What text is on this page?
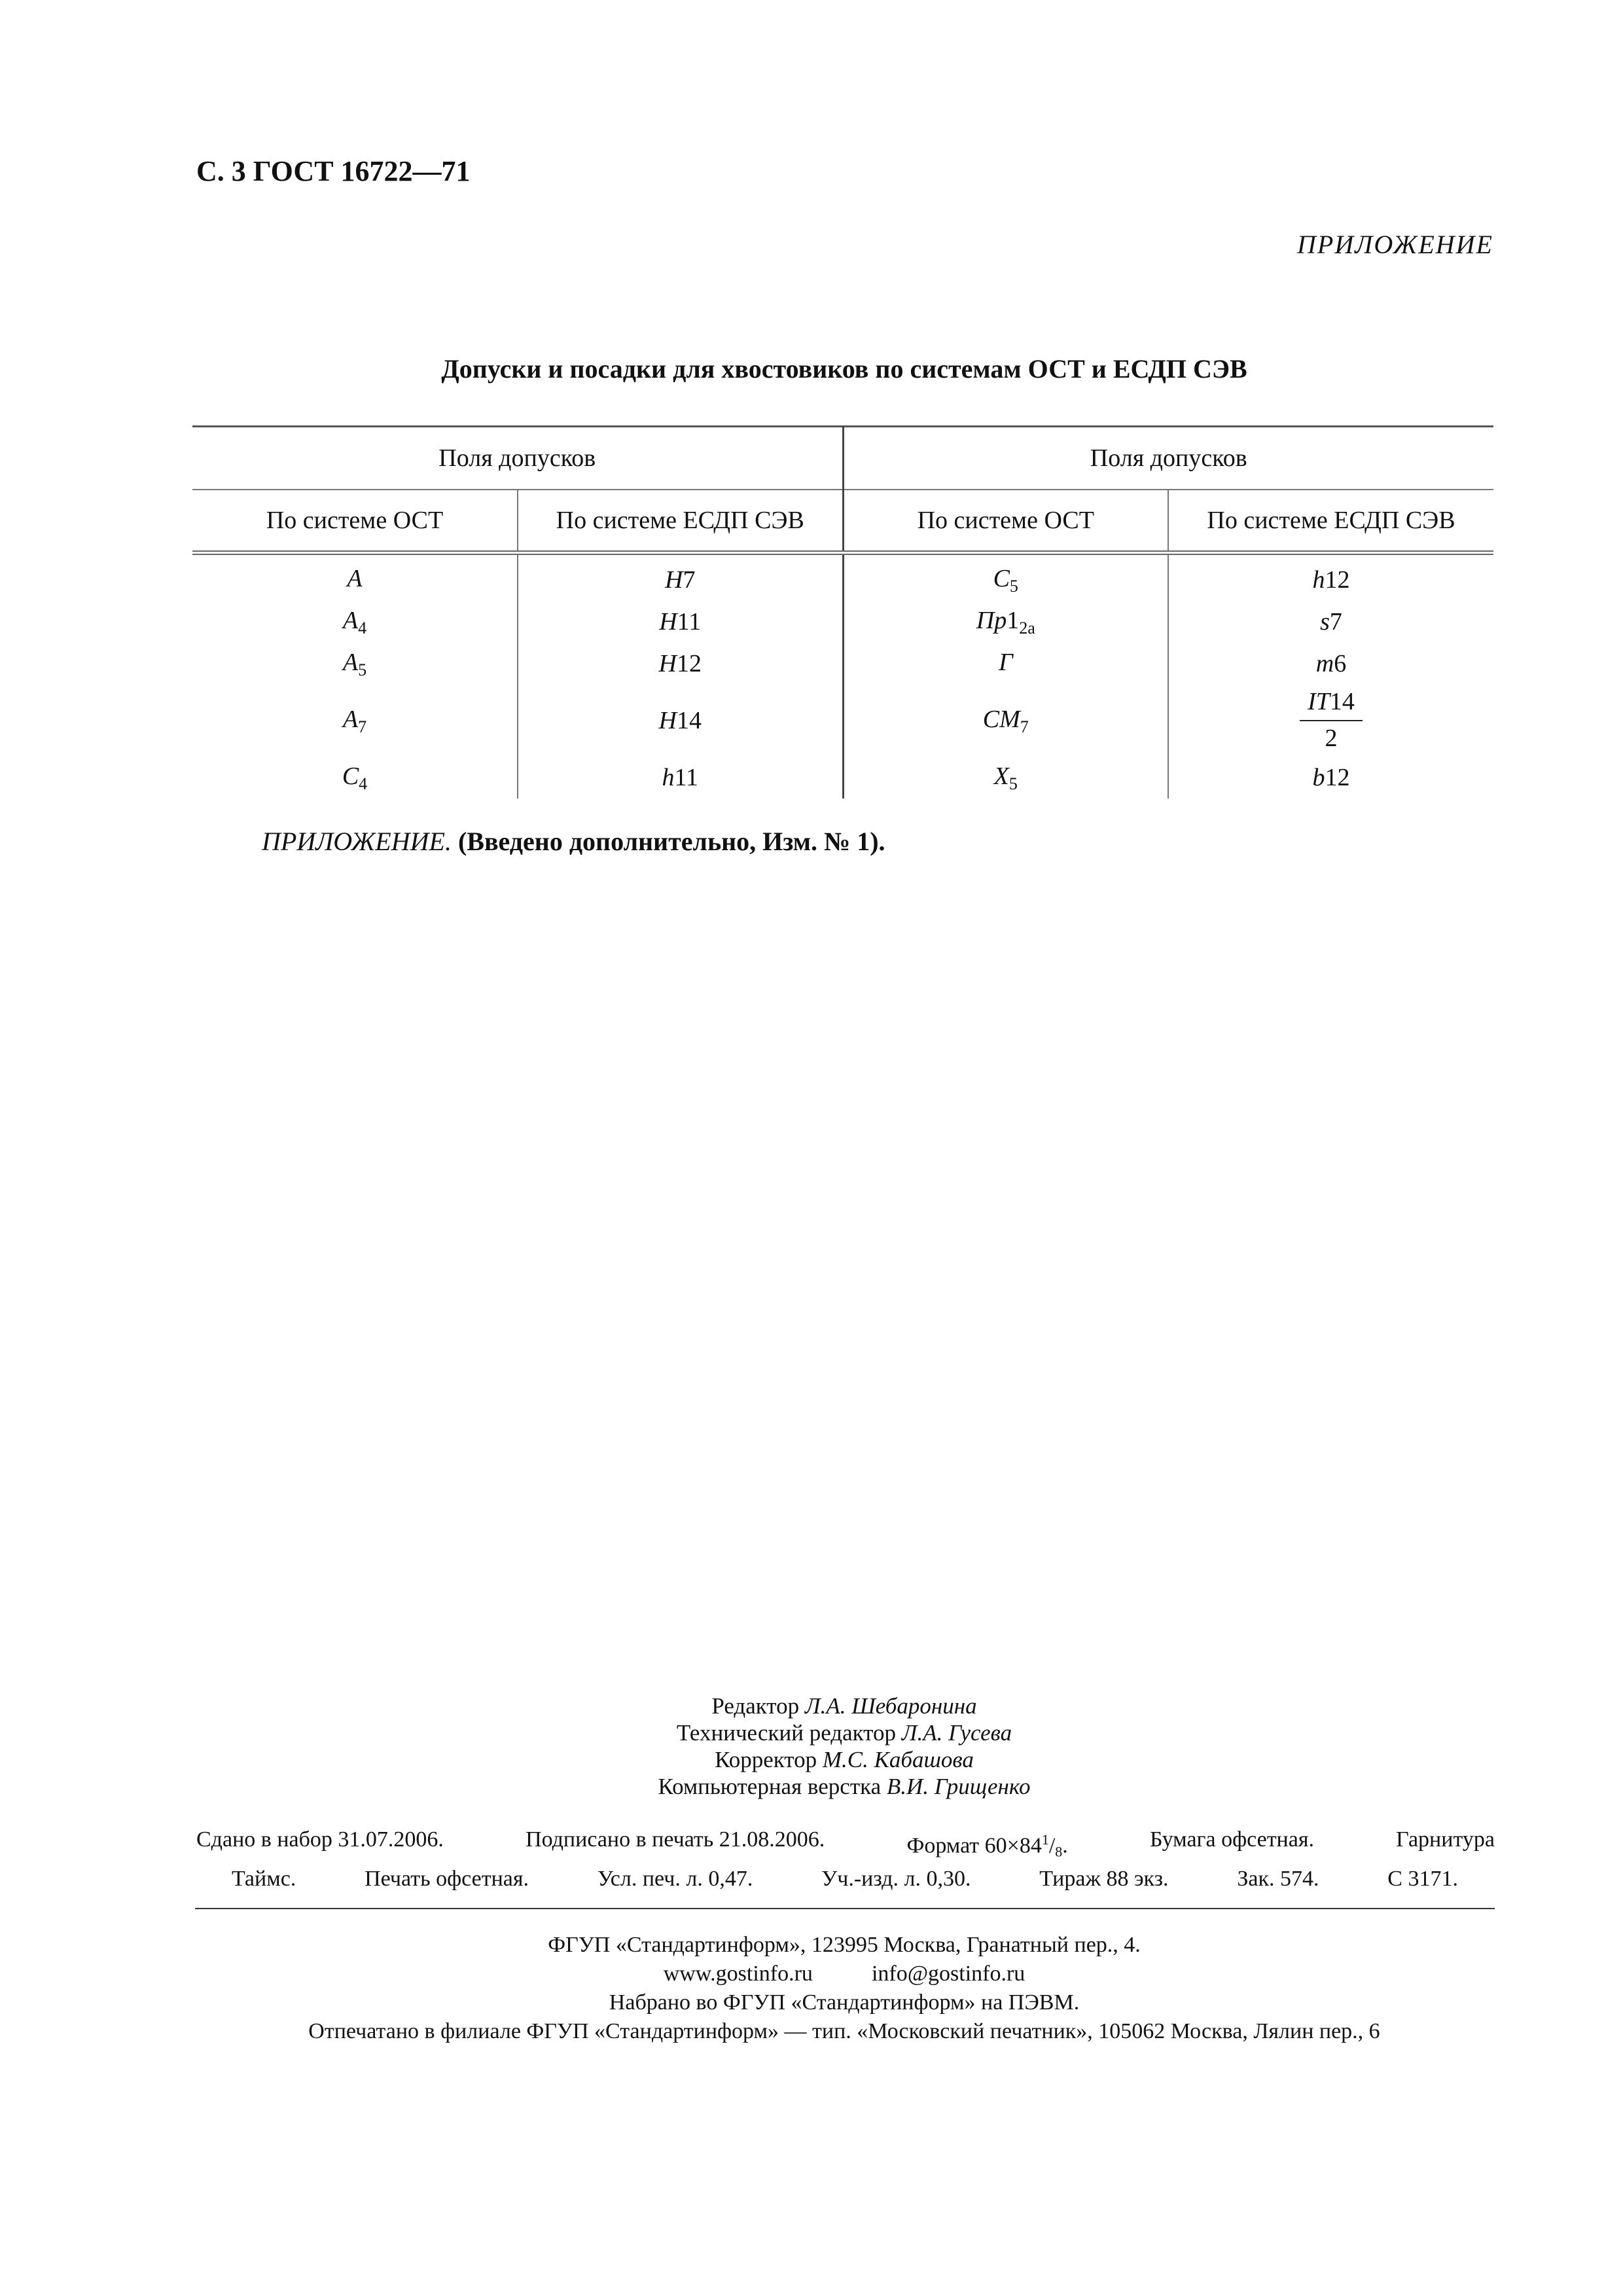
С. 3 ГОСТ 16722—71
ПРИЛОЖЕНИЕ
Допуски и посадки для хвостовиков по системам ОСТ и ЕСДП СЭВ
Поля допусков		Поля допусков	
По системе ОСТ	По системе ЕСДП СЭВ	По системе ОСТ	По системе ЕСДП СЭВ
A	H7	$C_5$	h12
$A_4$	H11	$Пр1_{2a}$	s7
$A_5$	H12	Г	m6
$A_7$	H14	$CM_7$	$\frac{IT14}{2}$

$C_4$	h11	$X_5$	b12
ПРИЛОЖЕНИЕ. (Введено дополнительно, Изм. № 1).
Редактор Л.А. Шебаронина
Технический редактор Л.А. Гусева
Корректор М.С. Кабашова
Компьютерная верстка В.И. Грищенко
Сдано в набор 31.07.2006.	Подписано в печать 21.08.2006.	Формат $60\times 84^1/_8$.	Бумага офсетная.	Гарнитура
Таймс.	Печать офсетная.	Усл. печ. л. 0,47.	Уч.-изд. л. 0,30.	Тираж 88 экз.	Зак. 574.	С 3171.
ФГУП «Стандартинформ», 123995 Москва, Гранатный пер., 4.
www.gostinfo.ru	info@gostinfo.ru
Набрано во ФГУП «Стандартинформ» на ПЭВМ.
Отпечатано в филиале ФГУП «Стандартинформ» — тип. «Московский печатник», 105062 Москва, Лялин пер., 6
